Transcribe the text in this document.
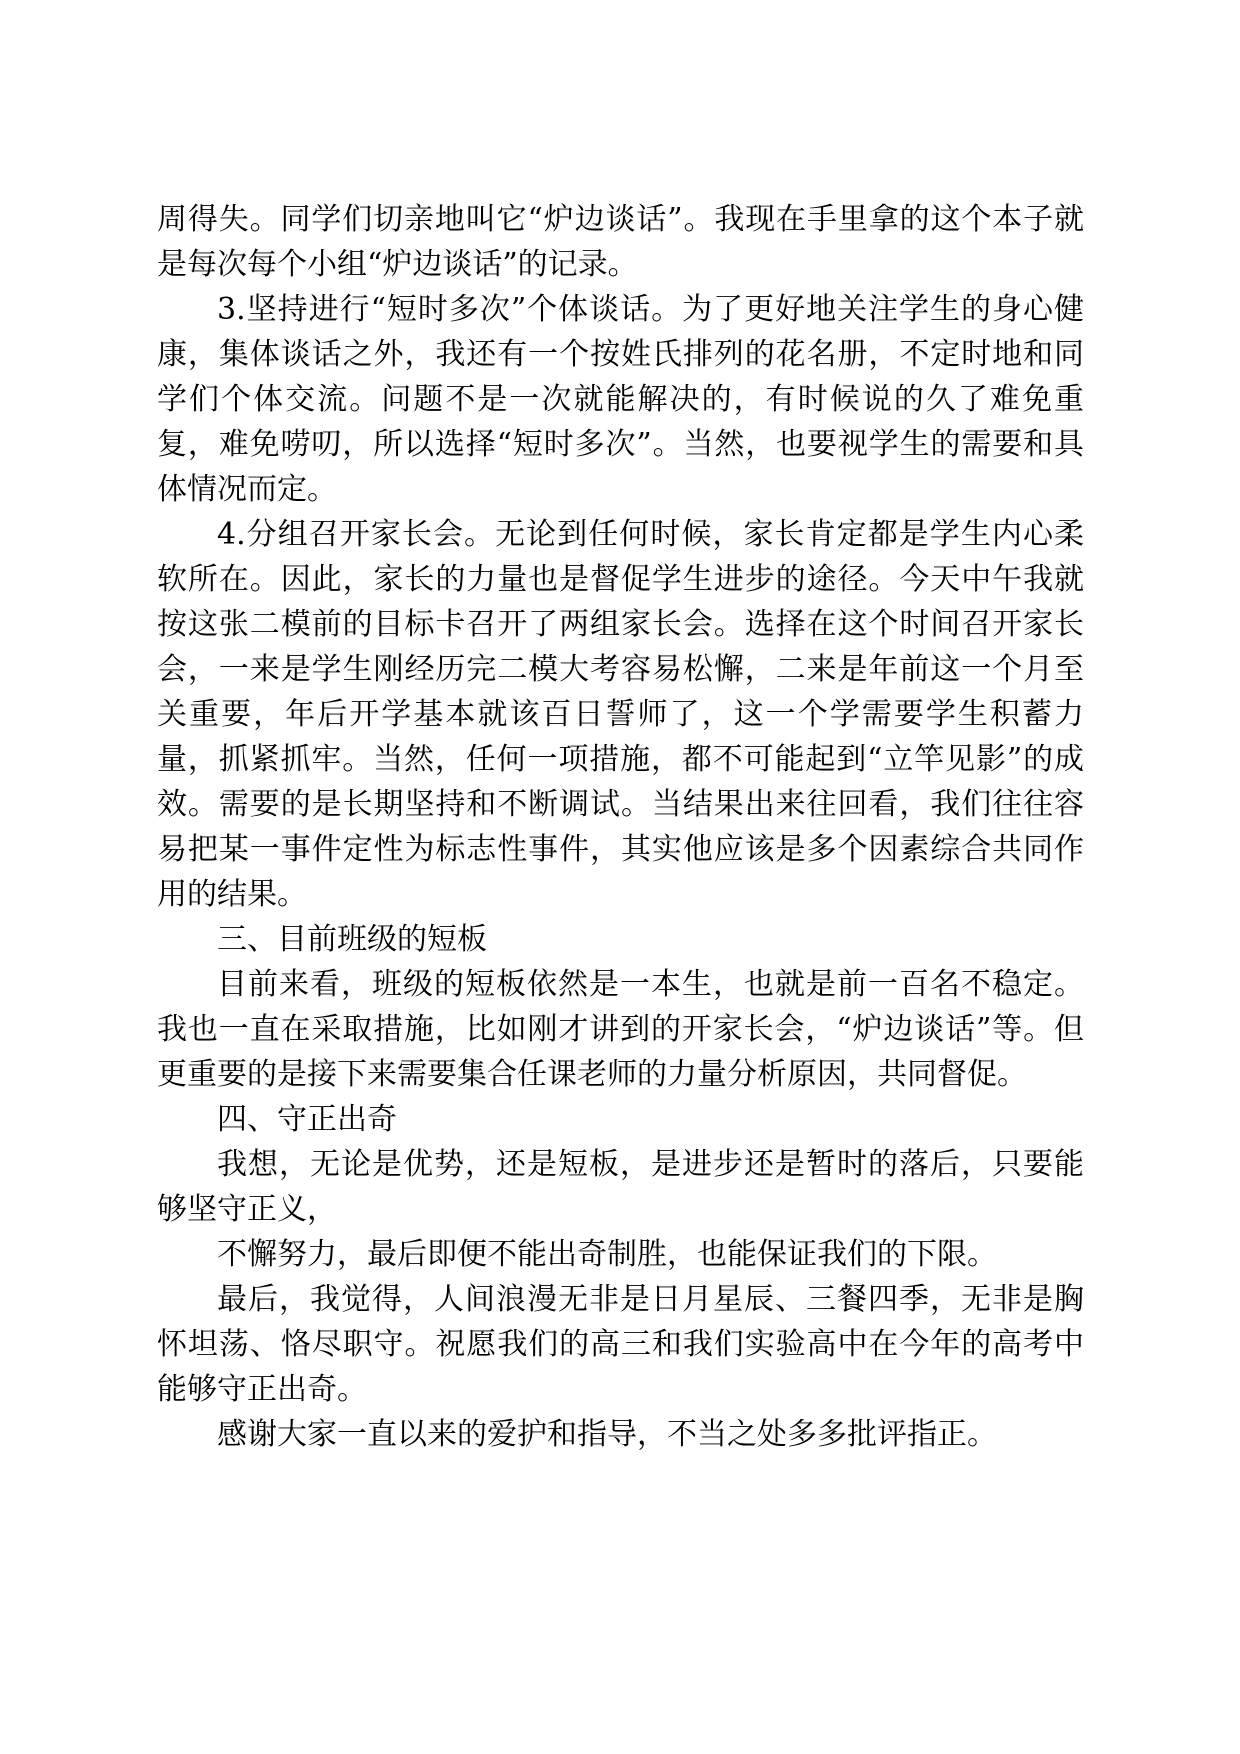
周得失。同学们切亲地叫它“炉边谈话”。我现在手里拿的这个本子就是每次每个小组“炉边谈话”的记录。

3.坚持进行“短时多次”个体谈话。为了更好地关注学生的身心健康，集体谈话之外，我还有一个按姓氏排列的花名册，不定时地和同学们个体交流。问题不是一次就能解决的，有时候说的久了难免重复，难免唠叨，所以选择“短时多次”。当然，也要视学生的需要和具体情况而定。

4.分组召开家长会。无论到任何时候，家长肯定都是学生内心柔软所在。因此，家长的力量也是督促学生进步的途径。今天中午我就按这张二模前的目标卡召开了两组家长会。选择在这个时间召开家长会，一来是学生刚经历完二模大考容易松懈，二来是年前这一个月至关重要，年后开学基本就该百日誓师了，这一个学需要学生积蓄力量，抓紧抓牢。当然，任何一项措施，都不可能起到“立竿见影”的成效。需要的是长期坚持和不断调试。当结果出来往回看，我们往往容易把某一事件定性为标志性事件，其实他应该是多个因素综合共同作用的结果。

三、目前班级的短板

目前来看，班级的短板依然是一本生，也就是前一百名不稳定。我也一直在采取措施，比如刚才讲到的开家长会，“炉边谈话”等。但更重要的是接下来需要集合任课老师的力量分析原因，共同督促。

四、守正出奇

我想，无论是优势，还是短板，是进步还是暂时的落后，只要能够坚守正义，

不懈努力，最后即便不能出奇制胜，也能保证我们的下限。

最后，我觉得，人间浪漫无非是日月星辰、三餐四季，无非是胸怀坦荡、恪尽职守。祝愿我们的高三和我们实验高中在今年的高考中能够守正出奇。

感谢大家一直以来的爱护和指导，不当之处多多批评指正。
